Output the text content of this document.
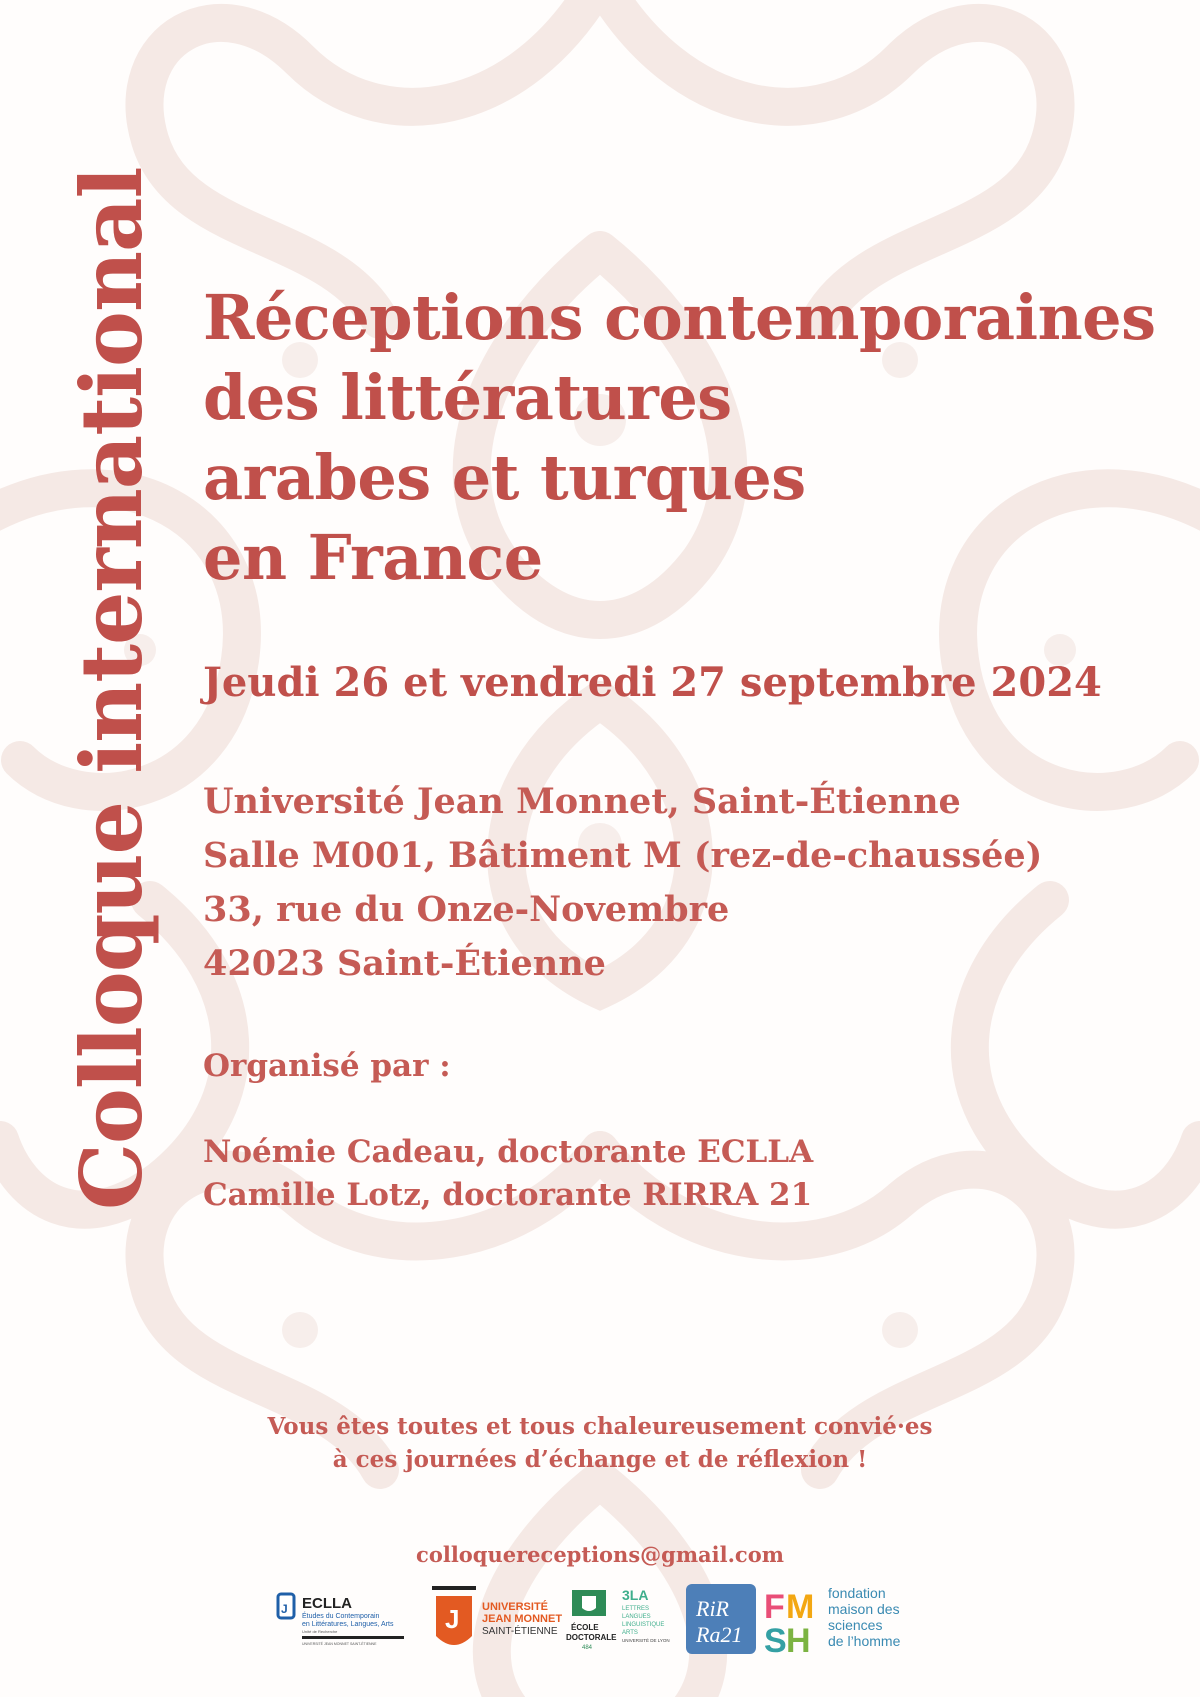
Colloque international Réceptions contemporaines
des littératures
arabes et turques
en France
Jeudi 26 et vendredi 27 septembre 2024
Université Jean Monnet, Saint-Étienne
Salle M001, Bâtiment M (rez-de-chaussée)
33, rue du Onze-Novembre
42023 Saint-Étienne
Organisé par :
Noémie Cadeau, doctorante ECLLA
Camille Lotz, doctorante RIRRA 21
Vous êtes toutes et tous chaleureusement convié·es
à ces journées d’échange et de réflexion !
colloquereceptions@gmail.com
J ECLLA
Études du Contemporain
en Littératures, Langues, Arts
Unité de Recherche
UNIVERSITÉ JEAN MONNET SAINT-ÉTIENNE
J UNIVERSITÉ
JEAN MONNET
SAINT-ÉTIENNE ÉCOLE
DOCTORALE
484
3LA
LETTRES
LANGUES
LINGUISTIQUE
ARTS
UNIVERSITÉ DE LYON
RiR
Ra21
F M
S H
fondation
maison des
sciences
de l’homme
